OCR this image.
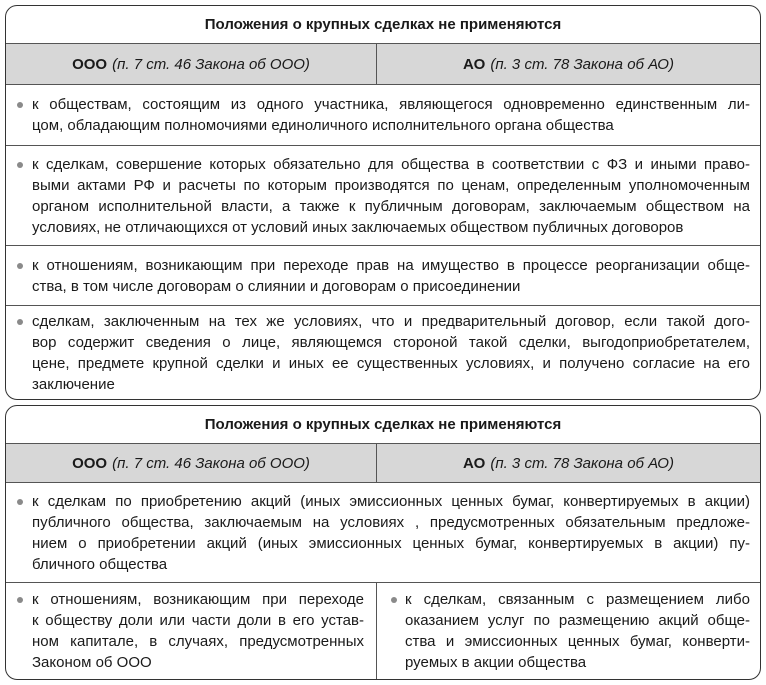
Положения о крупных сделках не применяются
ООО (п. 7 ст. 46 Закона об ООО)	АО (п. 3 ст. 78 Закона об АО)
к обществам, состоящим из одного участника, являющегося одновременно единственным ли-
цом, обладающим полномочиями единоличного исполнительного органа общества
к сделкам, совершение которых обязательно для общества в соответствии с ФЗ и иными право-
выми актами РФ и расчеты по которым производятся по ценам, определенным уполномоченным
органом исполнительной власти, а также к публичным договорам, заключаемым обществом на
условиях, не отличающихся от условий иных заключаемых обществом публичных договоров
к отношениям, возникающим при переходе прав на имущество в процессе реорганизации обще-
ства, в том числе договорам о слиянии и договорам о присоединении
сделкам, заключенным на тех же условиях, что и предварительный договор, если такой дого-
вор содержит сведения о лице, являющемся стороной такой сделки, выгодоприобретателем,
цене, предмете крупной сделки и иных ее существенных условиях, и получено согласие на его
заключение
Положения о крупных сделках не применяются
ООО (п. 7 ст. 46 Закона об ООО)	АО (п. 3 ст. 78 Закона об АО)
к сделкам по приобретению акций (иных эмиссионных ценных бумаг, конвертируемых в акции)
публичного общества, заключаемым на условиях , предусмотренных обязательным предложе-
нием о приобретении акций (иных эмиссионных ценных бумаг, конвертируемых в акции) пу-
бличного общества
к отношениям, возникающим при переходе
к обществу доли или части доли в его устав-
ном капитале, в случаях, предусмотренных
Законом об ООО
к сделкам, связанным с размещением либо
оказанием услуг по размещению акций обще-
ства и эмиссионных ценных бумаг, конверти-
руемых в акции общества
